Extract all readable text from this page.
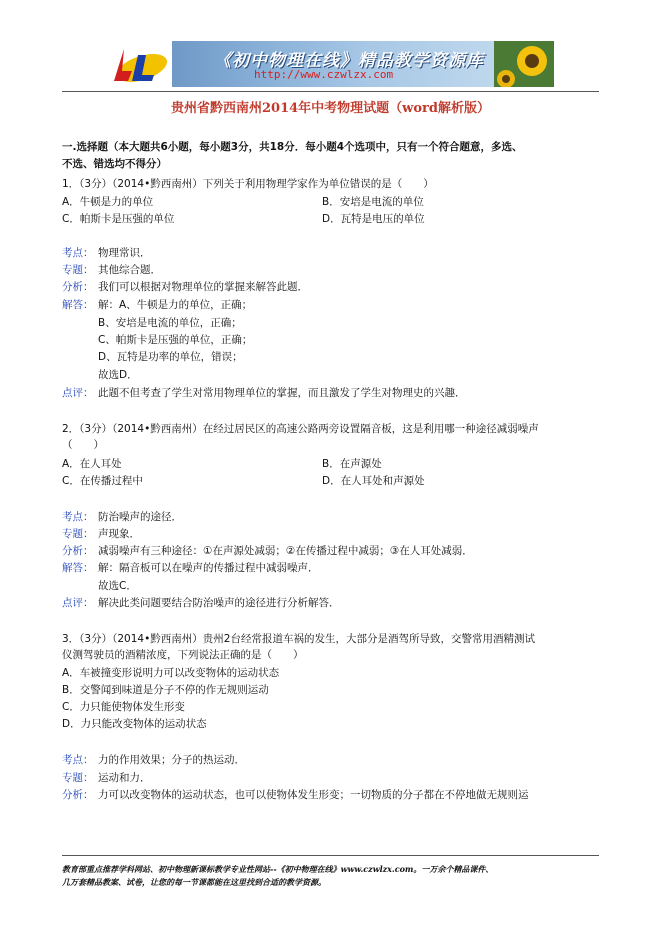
《初中物理在线》精品教学资源库
http://www.czwlzx.com
贵州省黔西南州2014年中考物理试题（word解析版）
一.选择题（本大题共6小题，每小题3分，共18分．每小题4个选项中，只有一个符合题意，多选、
不选、错选均不得分）
1．（3分）（2014•黔西南州）下列关于利用物理学家作为单位错误的是（　　）
A．牛顿是力的单位	B．安培是电流的单位
C．帕斯卡是压强的单位	D．瓦特是电压的单位
考点： 物理常识．
专题： 其他综合题．
分析： 我们可以根据对物理单位的掌握来解答此题．
解答： 解：A、牛顿是力的单位，正确；
B、安培是电流的单位，正确；
C、帕斯卡是压强的单位，正确；
D、瓦特是功率的单位，错误；
故选D．
点评： 此题不但考查了学生对常用物理单位的掌握，而且激发了学生对物理史的兴趣．
2．（3分）（2014•黔西南州）在经过居民区的高速公路两旁设置隔音板，这是利用哪一种途径减弱噪声
（　　）
A．在人耳处	B．在声源处
C．在传播过程中	D．在人耳处和声源处
考点： 防治噪声的途径．
专题： 声现象．
分析： 减弱噪声有三种途径：①在声源处减弱；②在传播过程中减弱；③在人耳处减弱．
解答： 解：隔音板可以在噪声的传播过程中减弱噪声．
故选C．
点评： 解决此类问题要结合防治噪声的途径进行分析解答．
3．（3分）（2014•黔西南州）贵州2台经常报道车祸的发生，大部分是酒驾所导致，交警常用酒精测试
仪测驾驶员的酒精浓度，下列说法正确的是（　　）
A．车被撞变形说明力可以改变物体的运动状态
B．交警闻到味道是分子不停的作无规则运动
C．力只能使物体发生形变
D．力只能改变物体的运动状态
考点： 力的作用效果；分子的热运动．
专题： 运动和力．
分析： 力可以改变物体的运动状态，也可以使物体发生形变；一切物质的分子都在不停地做无规则运
教育部重点推荐学科网站、初中物理新课标教学专业性网站--《初中物理在线》www.czwlzx.com。一万余个精品课件、
几万套精品教案、试卷，让您的每一节课都能在这里找到合适的教学资源。
